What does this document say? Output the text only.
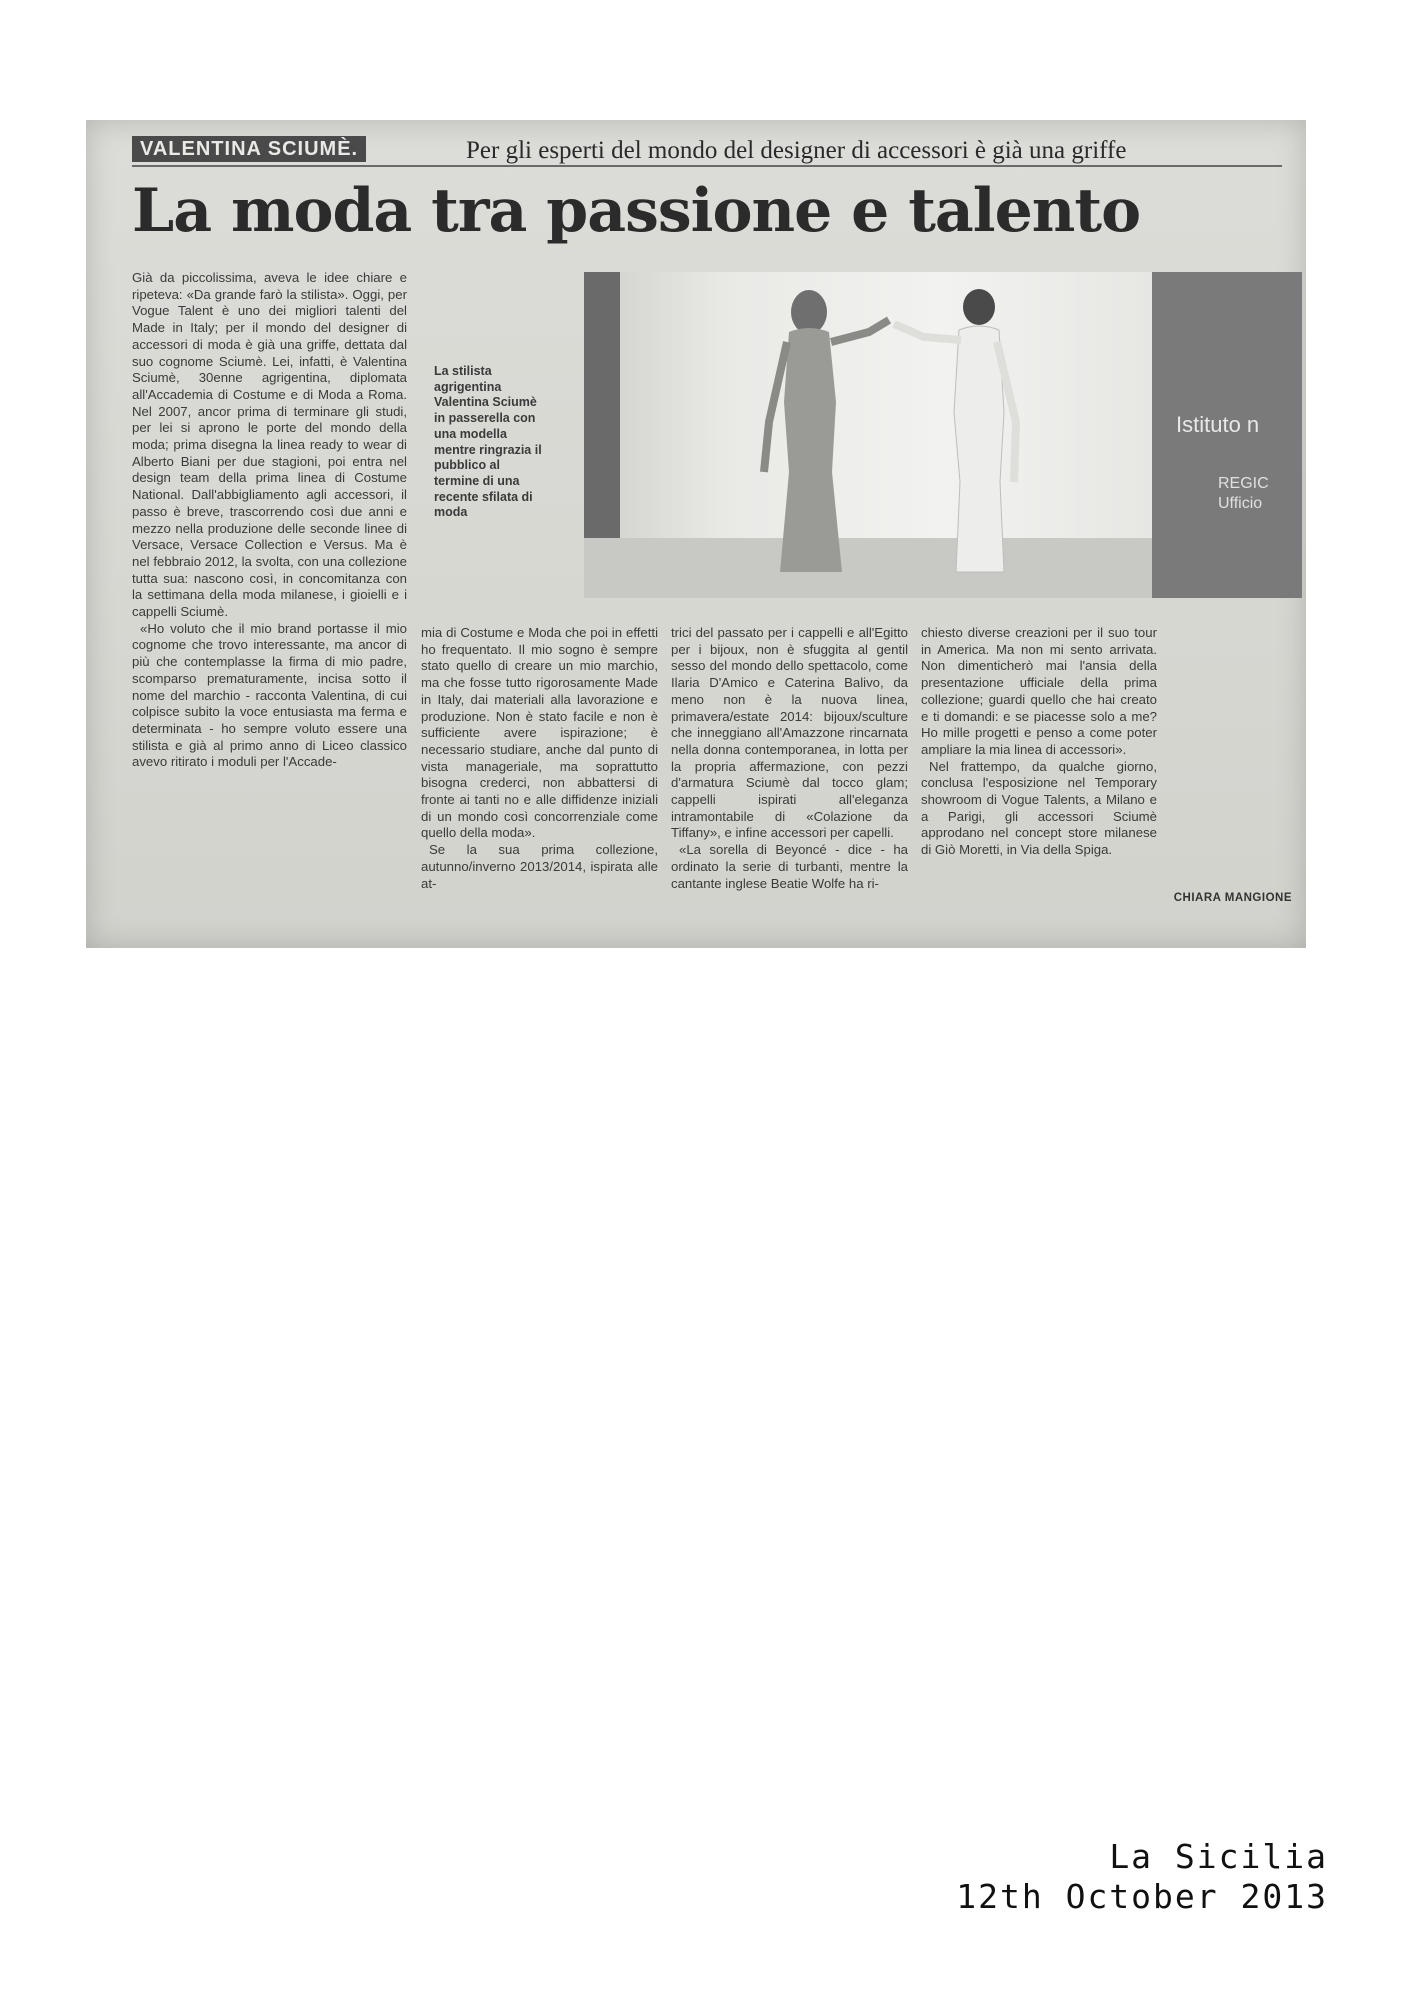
VALENTINA SCIUMÈ.	Per gli esperti del mondo del designer di accessori è già una griffe
La moda tra passione e talento

Già da piccolissima, aveva le idee chiare e ripeteva: «Da grande farò la stilista». Oggi, per Vogue Talent è uno dei migliori talenti del Made in Italy; per il mondo del designer di accessori di moda è già una griffe, dettata dal suo cognome Sciumè. Lei, infatti, è Valentina Sciumè, 30enne agrigentina, diplomata all'Accademia di Costume e di Moda a Roma. Nel 2007, ancor prima di terminare gli studi, per lei si aprono le porte del mondo della moda; prima disegna la linea ready to wear di Alberto Biani per due stagioni, poi entra nel design team della prima linea di Costume National. Dall'abbigliamento agli accessori, il passo è breve, trascorrendo così due anni e mezzo nella produzione delle seconde linee di Versace, Versace Collection e Versus. Ma è nel febbraio 2012, la svolta, con una collezione tutta sua: nascono così, in concomitanza con la settimana della moda milanese, i gioielli e i cappelli Sciumè.

«Ho voluto che il mio brand portasse il mio cognome che trovo interessante, ma ancor di più che contemplasse la firma di mio padre, scomparso prematuramente, incisa sotto il nome del marchio - racconta Valentina, di cui colpisce subito la voce entusiasta ma ferma e determinata - ho sempre voluto essere una stilista e già al primo anno di Liceo classico avevo ritirato i moduli per l'Accade-

La stilista agrigentina Valentina Sciumè in passerella con una modella mentre ringrazia il pubblico al termine di una recente sfilata di moda
Istituto n
REGIC Ufficio

mia di Costume e Moda che poi in effetti ho frequentato. Il mio sogno è sempre stato quello di creare un mio marchio, ma che fosse tutto rigorosamente Made in Italy, dai materiali alla lavorazione e produzione. Non è stato facile e non è sufficiente avere ispirazione; è necessario studiare, anche dal punto di vista manageriale, ma soprattutto bisogna crederci, non abbattersi di fronte ai tanti no e alle diffidenze iniziali di un mondo così concorrenziale come quello della moda».

Se la sua prima collezione, autunno/inverno 2013/2014, ispirata alle at-

trici del passato per i cappelli e all'Egitto per i bijoux, non è sfuggita al gentil sesso del mondo dello spettacolo, come Ilaria D'Amico e Caterina Balivo, da meno non è la nuova linea, primavera/estate 2014: bijoux/sculture che inneggiano all'Amazzone rincarnata nella donna contemporanea, in lotta per la propria affermazione, con pezzi d'armatura Sciumè dal tocco glam; cappelli ispirati all'eleganza intramontabile di «Colazione da Tiffany», e infine accessori per capelli.

«La sorella di Beyoncé - dice - ha ordinato la serie di turbanti, mentre la cantante inglese Beatie Wolfe ha ri-

chiesto diverse creazioni per il suo tour in America. Ma non mi sento arrivata. Non dimenticherò mai l'ansia della presentazione ufficiale della prima collezione; guardi quello che hai creato e ti domandi: e se piacesse solo a me? Ho mille progetti e penso a come poter ampliare la mia linea di accessori».

Nel frattempo, da qualche giorno, conclusa l'esposizione nel Temporary showroom di Vogue Talents, a Milano e a Parigi, gli accessori Sciumè approdano nel concept store milanese di Giò Moretti, in Via della Spiga.

CHIARA MANGIONE
La Sicilia
12th October 2013
